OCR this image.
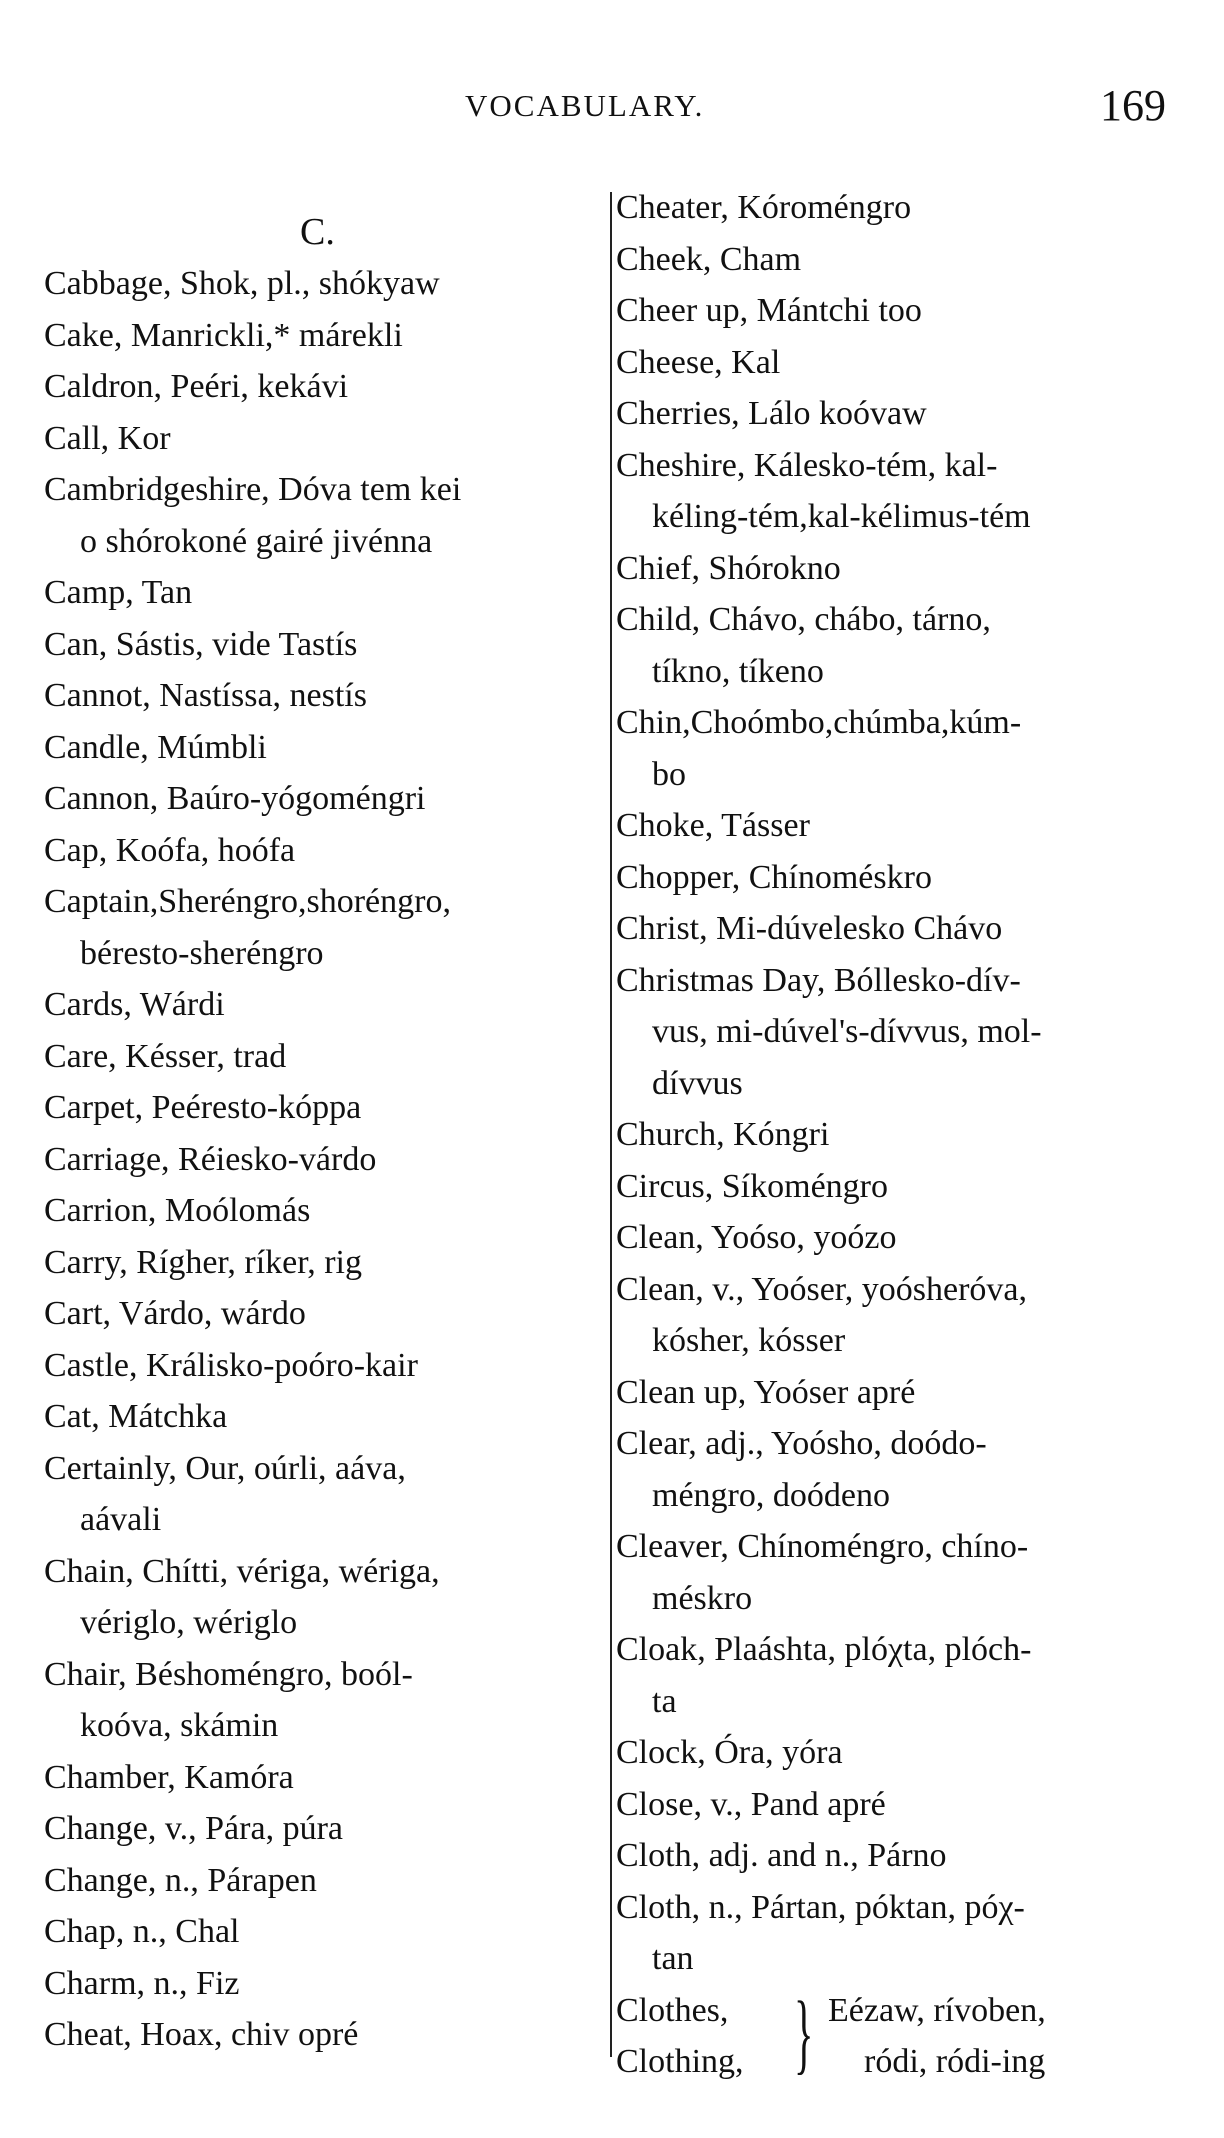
VOCABULARY.	169
C.
Cabbage, Shok, pl., shókyaw
Cake, Manrickli,* márekli
Caldron, Peéri, kekávi
Call, Kor
Cambridgeshire, Dóva tem kei
o shórokoné gairé jivénna
Camp, Tan
Can, Sástis, vide Tastís
Cannot, Nastíssa, nestís
Candle, Múmbli
Cannon, Baúro-yógoméngri
Cap, Koófa, hoófa
Captain,Sheréngro,shoréngro,
béresto-sheréngro
Cards, Wárdi
Care, Késser, trad
Carpet, Peéresto-kóppa
Carriage, Réiesko-várdo
Carrion, Moólomás
Carry, Rígher, ríker, rig
Cart, Várdo, wárdo
Castle, Králisko-poóro-kair
Cat, Mátchka
Certainly, Our, oúrli, aáva,
aávali
Chain, Chítti, vériga, wériga,
vériglo, wériglo
Chair, Béshoméngro, boól-
koóva, skámin
Chamber, Kamóra
Change, v., Pára, púra
Change, n., Párapen
Chap, n., Chal
Charm, n., Fiz
Cheat, Hoax, chiv opré
Cheater, Kóroméngro
Cheek, Cham
Cheer up, Mántchi too
Cheese, Kal
Cherries, Lálo koóvaw
Cheshire, Kálesko-tém, kal-
kéling-tém,kal-kélimus-tém
Chief, Shórokno
Child, Chávo, chábo, tárno,
tíkno, tíkeno
Chin,Choómbo,chúmba,kúm-
bo
Choke, Tásser
Chopper, Chínoméskro
Christ, Mi-dúvelesko Chávo
Christmas Day, Bóllesko-dív-
vus, mi-dúvel's-dívvus, mol-
dívvus
Church, Kóngri
Circus, Síkoméngro
Clean, Yoóso, yoózo
Clean, v., Yoóser, yoósheróva,
kósher, kósser
Clean up, Yoóser apré
Clear, adj., Yoósho, doódo-
méngro, doódeno
Cleaver, Chínoméngro, chíno-
méskro
Cloak, Plaáshta, plóχta, plóch-
ta
Clock, Óra, yóra
Close, v., Pand apré
Cloth, adj. and n., Párno
Cloth, n., Pártan, póktan, póχ-
tan
Clothes,
Clothing, } Eézaw, rívoben,
ródi, ródi-ing
